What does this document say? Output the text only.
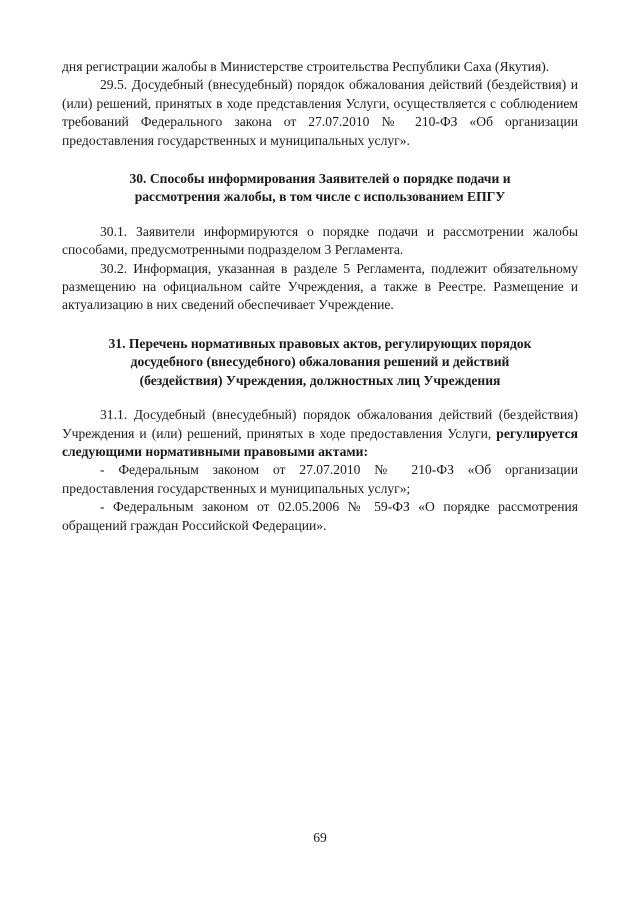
дня регистрации жалобы в Министерстве строительства Республики Саха (Якутия).

29.5. Досудебный (внесудебный) порядок обжалования действий (бездействия) и (или) решений, принятых в ходе представления Услуги, осуществляется с соблюдением требований Федерального закона от 27.07.2010 № 210-ФЗ «Об организации предоставления государственных и муниципальных услуг».

30. Способы информирования Заявителей о порядке подачи и

рассмотрения жалобы, в том числе с использованием ЕПГУ

30.1. Заявители информируются о порядке подачи и рассмотрении жалобы способами, предусмотренными подразделом 3 Регламента.

30.2. Информация, указанная в разделе 5 Регламента, подлежит обязательному размещению на официальном сайте Учреждения, а также в Реестре. Размещение и актуализацию в них сведений обеспечивает Учреждение.

31. Перечень нормативных правовых актов, регулирующих порядок

досудебного (внесудебного) обжалования решений и действий

(бездействия) Учреждения, должностных лиц Учреждения

31.1. Досудебный (внесудебный) порядок обжалования действий (бездействия) Учреждения и (или) решений, принятых в ходе предоставления Услуги, регулируется следующими нормативными правовыми актами:

- Федеральным законом от 27.07.2010 № 210-ФЗ «Об организации предоставления государственных и муниципальных услуг»;

- Федеральным законом от 02.05.2006 № 59-ФЗ «О порядке рассмотрения обращений граждан Российской Федерации».

69
